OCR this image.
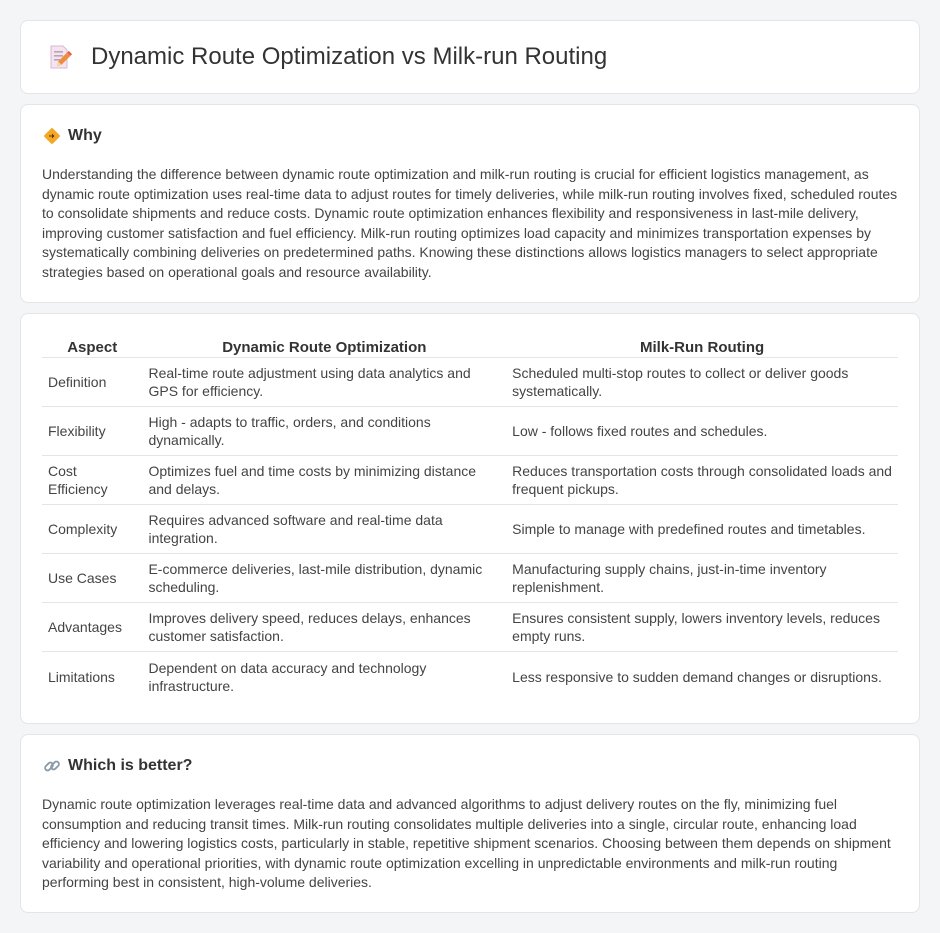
Dynamic Route Optimization vs Milk-run Routing
Why

Understanding the difference between dynamic route optimization and milk-run routing is crucial for efficient logistics management, as dynamic route optimization uses real-time data to adjust routes for timely deliveries, while milk-run routing involves fixed, scheduled routes to consolidate shipments and reduce costs. Dynamic route optimization enhances flexibility and responsiveness in last-mile delivery, improving customer satisfaction and fuel efficiency. Milk-run routing optimizes load capacity and minimizes transportation expenses by systematically combining deliveries on predetermined paths. Knowing these distinctions allows logistics managers to select appropriate strategies based on operational goals and resource availability.

Aspect	Dynamic Route Optimization	Milk-Run Routing
Definition	Real-time route adjustment using data analytics and GPS for efficiency.	Scheduled multi-stop routes to collect or deliver goods systematically.
Flexibility	High - adapts to traffic, orders, and conditions dynamically.	Low - follows fixed routes and schedules.
Cost Efficiency	Optimizes fuel and time costs by minimizing distance and delays.	Reduces transportation costs through consolidated loads and frequent pickups.
Complexity	Requires advanced software and real-time data integration.	Simple to manage with predefined routes and timetables.
Use Cases	E-commerce deliveries, last-mile distribution, dynamic scheduling.	Manufacturing supply chains, just-in-time inventory replenishment.
Advantages	Improves delivery speed, reduces delays, enhances customer satisfaction.	Ensures consistent supply, lowers inventory levels, reduces empty runs.
Limitations	Dependent on data accuracy and technology infrastructure.	Less responsive to sudden demand changes or disruptions.
Which is better?

Dynamic route optimization leverages real-time data and advanced algorithms to adjust delivery routes on the fly, minimizing fuel consumption and reducing transit times. Milk-run routing consolidates multiple deliveries into a single, circular route, enhancing load efficiency and lowering logistics costs, particularly in stable, repetitive shipment scenarios. Choosing between them depends on shipment variability and operational priorities, with dynamic route optimization excelling in unpredictable environments and milk-run routing performing best in consistent, high-volume deliveries.
